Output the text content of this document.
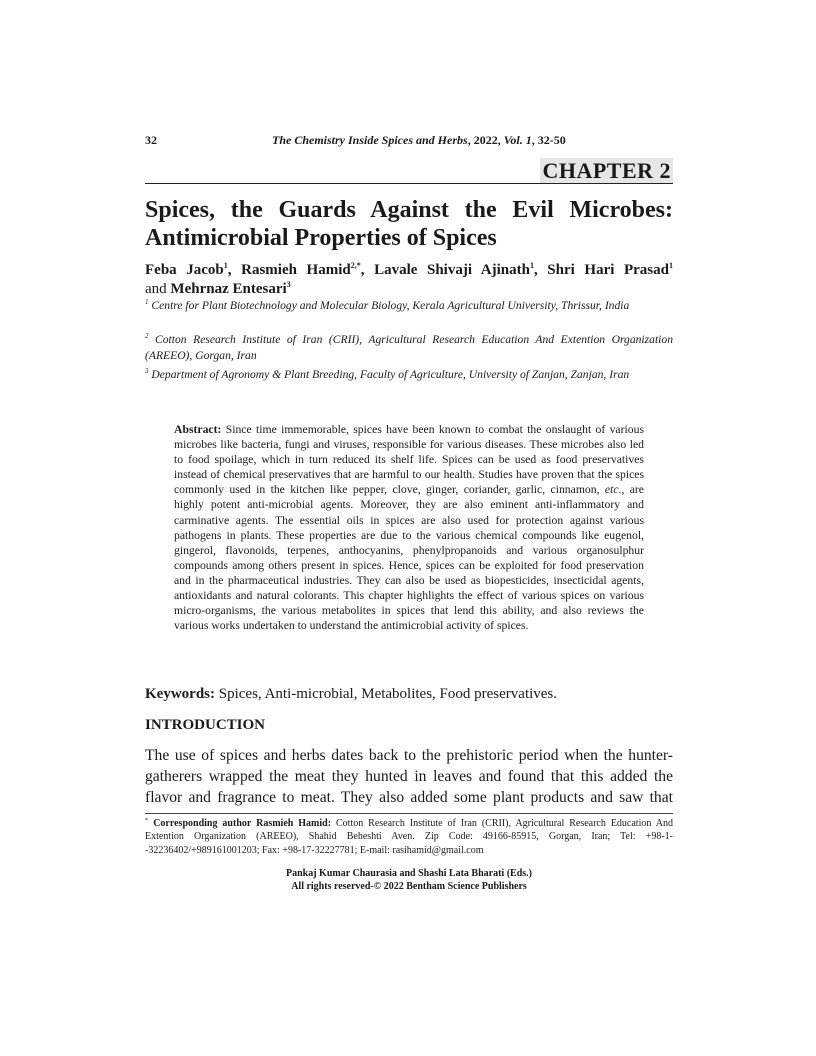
32	The Chemistry Inside Spices and Herbs, 2022, Vol. 1, 32-50
CHAPTER 2
Spices, the Guards Against the Evil Microbes:
Antimicrobial Properties of Spices
Feba Jacob$^1$, Rasmieh Hamid$^{2,*}$, Lavale Shivaji Ajinath$^1$, Shri Hari Prasad$^1$
and Mehrnaz Entesari$^3$
$^1$ Centre for Plant Biotechnology and Molecular Biology, Kerala Agricultural University, Thrissur, India
$^2$ Cotton Research Institute of Iran (CRII), Agricultural Research Education And Extention Organization (AREEO), Gorgan, Iran
$^3$ Department of Agronomy & Plant Breeding, Faculty of Agriculture, University of Zanjan, Zanjan, Iran
Abstract: Since time immemorable, spices have been known to combat the onslaught of various microbes like bacteria, fungi and viruses, responsible for various diseases. These microbes also led to food spoilage, which in turn reduced its shelf life. Spices can be used as food preservatives instead of chemical preservatives that are harmful to our health. Studies have proven that the spices commonly used in the kitchen like pepper, clove, ginger, coriander, garlic, cinnamon, etc., are highly potent anti-microbial agents. Moreover, they are also eminent anti-inflammatory and carminative agents. The essential oils in spices are also used for protection against various pathogens in plants. These properties are due to the various chemical compounds like eugenol, gingerol, flavonoids, terpenes, anthocyanins, phenylpropanoids and various organosulphur compounds among others present in spices. Hence, spices can be exploited for food preservation and in the pharmaceutical industries. They can also be used as biopesticides, insecticidal agents, antioxidants and natural colorants. This chapter highlights the effect of various spices on various micro-organisms, the various metabolites in spices that lend this ability, and also reviews the various works undertaken to understand the antimicrobial activity of spices.
Keywords: Spices, Anti-microbial, Metabolites, Food preservatives.
INTRODUCTION
The use of spices and herbs dates back to the prehistoric period when the hunter-gatherers wrapped the meat they hunted in leaves and found that this added the flavor and fragrance to meat. They also added some plant products and saw that
* Corresponding author Rasmieh Hamid: Cotton Research Institute of Iran (CRII), Agricultural Research Education And Extention Organization (AREEO), Shahid Beheshti Aven. Zip Code: 49166-85915, Gorgan, Iran; Tel: +98-1--32236402/+989161001203; Fax: +98-17-32227781; E-mail: rasihamid@gmail.com
Pankaj Kumar Chaurasia and Shashi Lata Bharati (Eds.)
All rights reserved-© 2022 Bentham Science Publishers
